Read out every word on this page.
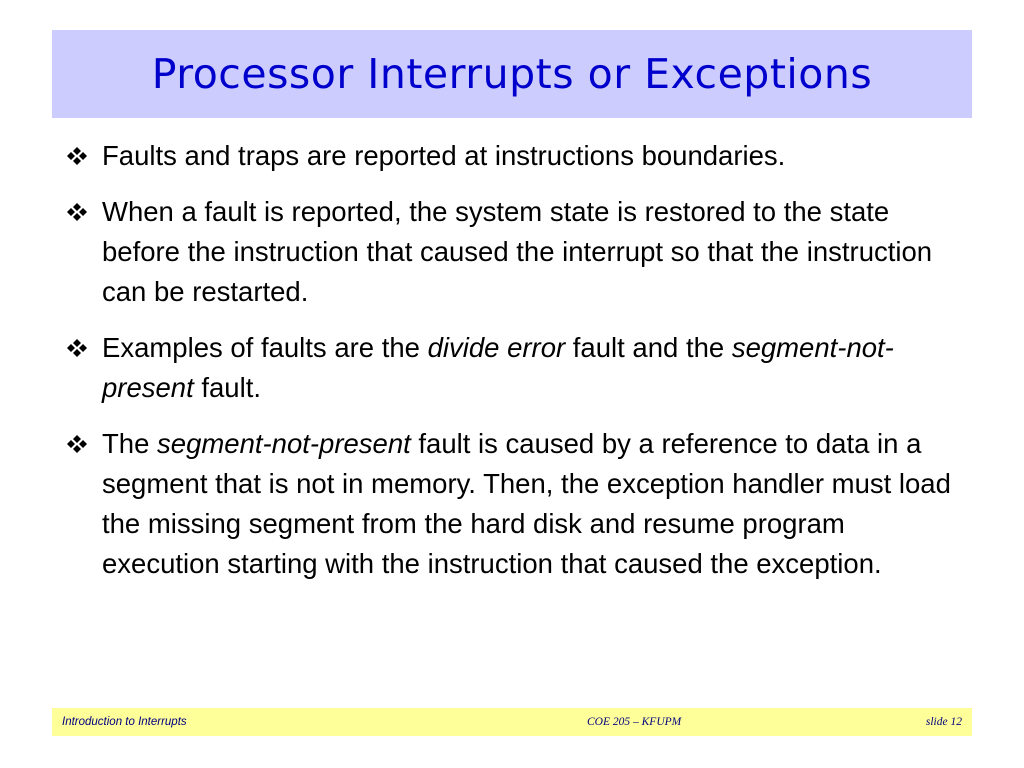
Processor Interrupts or Exceptions
Faults and traps are reported at instructions boundaries.
When a fault is reported, the system state is restored to the state before the instruction that caused the interrupt so that the instruction can be restarted.
Examples of faults are the divide error fault and the segment-not-present fault.
The segment-not-present fault is caused by a reference to data in a segment that is not in memory. Then, the exception handler must load the missing segment from the hard disk and resume program execution starting with the instruction that caused the exception.
Introduction to Interrupts	COE 205 – KFUPM	slide 12
